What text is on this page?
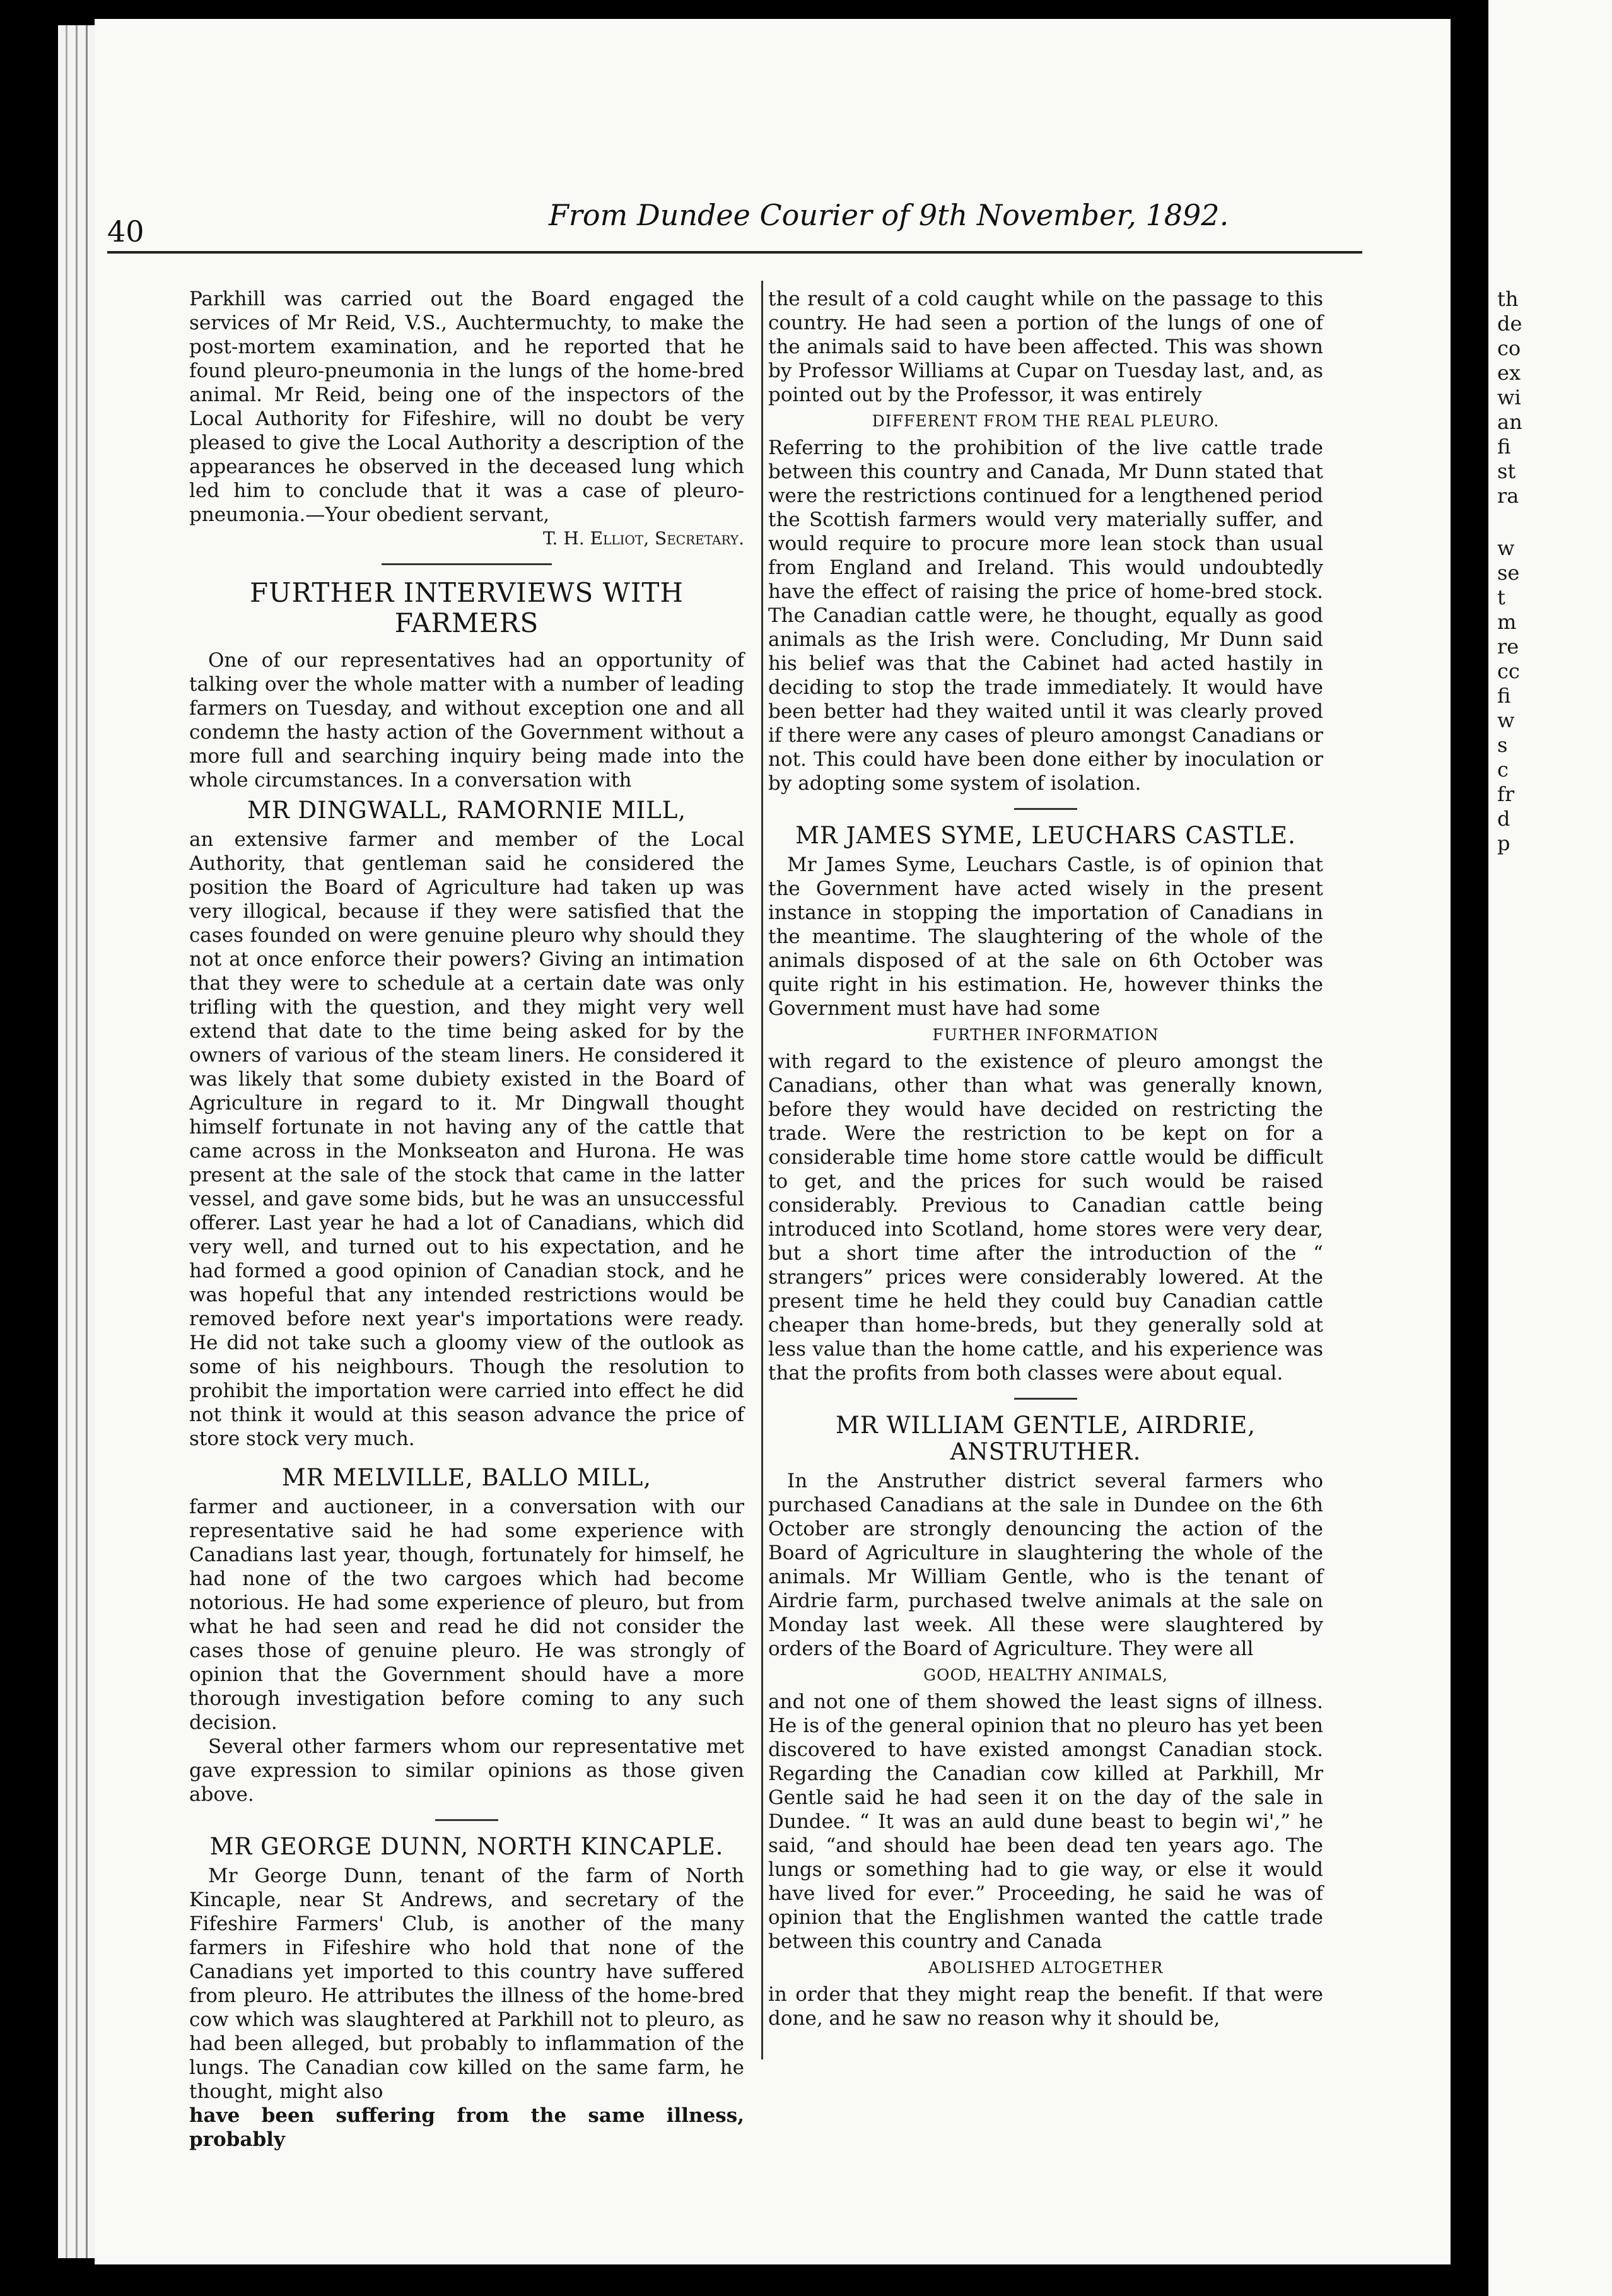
th
de
co
ex
wi
an
fi
st
ra
w
se
t
m
re
cc
fi
w
s
c
fr
d
p
40	From Dundee Courier of 9th November, 1892.

Parkhill was carried out the Board engaged the services of Mr Reid, V.S., Auchtermuchty, to make the post-mortem examination, and he reported that he found pleuro-pneumonia in the lungs of the home-bred animal. Mr Reid, being one of the inspectors of the Local Authority for Fifeshire, will no doubt be very pleased to give the Local Authority a description of the appearances he observed in the deceased lung which led him to conclude that it was a case of pleuro-pneumonia.—Your obedient servant,

T. H. Elliot, Secretary.

FURTHER INTERVIEWS WITH FARMERS

One of our representatives had an opportunity of talking over the whole matter with a number of leading farmers on Tuesday, and without exception one and all condemn the hasty action of the Government without a more full and searching inquiry being made into the whole circumstances. In a conversation with

MR DINGWALL, RAMORNIE MILL,

an extensive farmer and member of the Local Authority, that gentleman said he considered the position the Board of Agriculture had taken up was very illogical, because if they were satisfied that the cases founded on were genuine pleuro why should they not at once enforce their powers? Giving an intimation that they were to schedule at a certain date was only trifling with the question, and they might very well extend that date to the time being asked for by the owners of various of the steam liners. He considered it was likely that some dubiety existed in the Board of Agriculture in regard to it. Mr Dingwall thought himself fortunate in not having any of the cattle that came across in the Monkseaton and Hurona. He was present at the sale of the stock that came in the latter vessel, and gave some bids, but he was an unsuccessful offerer. Last year he had a lot of Canadians, which did very well, and turned out to his expectation, and he had formed a good opinion of Canadian stock, and he was hopeful that any intended restrictions would be removed before next year's importations were ready. He did not take such a gloomy view of the outlook as some of his neighbours. Though the resolution to prohibit the importation were carried into effect he did not think it would at this season advance the price of store stock very much.

MR MELVILLE, BALLO MILL,

farmer and auctioneer, in a conversation with our representative said he had some experience with Canadians last year, though, fortunately for himself, he had none of the two cargoes which had become notorious. He had some experience of pleuro, but from what he had seen and read he did not consider the cases those of genuine pleuro. He was strongly of opinion that the Government should have a more thorough investigation before coming to any such decision.

Several other farmers whom our representative met gave expression to similar opinions as those given above.

MR GEORGE DUNN, NORTH KINCAPLE.

Mr George Dunn, tenant of the farm of North Kincaple, near St Andrews, and secretary of the Fifeshire Farmers' Club, is another of the many farmers in Fifeshire who hold that none of the Canadians yet imported to this country have suffered from pleuro. He attributes the illness of the home-bred cow which was slaughtered at Parkhill not to pleuro, as had been alleged, but probably to inflammation of the lungs. The Canadian cow killed on the same farm, he thought, might also

have been suffering from the same illness, probably

the result of a cold caught while on the passage to this country. He had seen a portion of the lungs of one of the animals said to have been affected. This was shown by Professor Williams at Cupar on Tuesday last, and, as pointed out by the Professor, it was entirely

DIFFERENT FROM THE REAL PLEURO.

Referring to the prohibition of the live cattle trade between this country and Canada, Mr Dunn stated that were the restrictions continued for a lengthened period the Scottish farmers would very materially suffer, and would require to procure more lean stock than usual from England and Ireland. This would undoubtedly have the effect of raising the price of home-bred stock. The Canadian cattle were, he thought, equally as good animals as the Irish were. Concluding, Mr Dunn said his belief was that the Cabinet had acted hastily in deciding to stop the trade immediately. It would have been better had they waited until it was clearly proved if there were any cases of pleuro amongst Canadians or not. This could have been done either by inoculation or by adopting some system of isolation.

MR JAMES SYME, LEUCHARS CASTLE.

Mr James Syme, Leuchars Castle, is of opinion that the Government have acted wisely in the present instance in stopping the importation of Canadians in the meantime. The slaughtering of the whole of the animals disposed of at the sale on 6th October was quite right in his estimation. He, however thinks the Government must have had some

FURTHER INFORMATION

with regard to the existence of pleuro amongst the Canadians, other than what was generally known, before they would have decided on restricting the trade. Were the restriction to be kept on for a considerable time home store cattle would be difficult to get, and the prices for such would be raised considerably. Previous to Canadian cattle being introduced into Scotland, home stores were very dear, but a short time after the introduction of the “ strangers” prices were considerably lowered. At the present time he held they could buy Canadian cattle cheaper than home-breds, but they generally sold at less value than the home cattle, and his experience was that the profits from both classes were about equal.

MR WILLIAM GENTLE, AIRDRIE, ANSTRUTHER.

In the Anstruther district several farmers who purchased Canadians at the sale in Dundee on the 6th October are strongly denouncing the action of the Board of Agriculture in slaughtering the whole of the animals. Mr William Gentle, who is the tenant of Airdrie farm, purchased twelve animals at the sale on Monday last week. All these were slaughtered by orders of the Board of Agriculture. They were all

GOOD, HEALTHY ANIMALS,

and not one of them showed the least signs of illness. He is of the general opinion that no pleuro has yet been discovered to have existed amongst Canadian stock. Regarding the Canadian cow killed at Parkhill, Mr Gentle said he had seen it on the day of the sale in Dundee. “ It was an auld dune beast to begin wi',” he said, “and should hae been dead ten years ago. The lungs or something had to gie way, or else it would have lived for ever.” Proceeding, he said he was of opinion that the Englishmen wanted the cattle trade between this country and Canada

ABOLISHED ALTOGETHER

in order that they might reap the benefit. If that were done, and he saw no reason why it should be,
